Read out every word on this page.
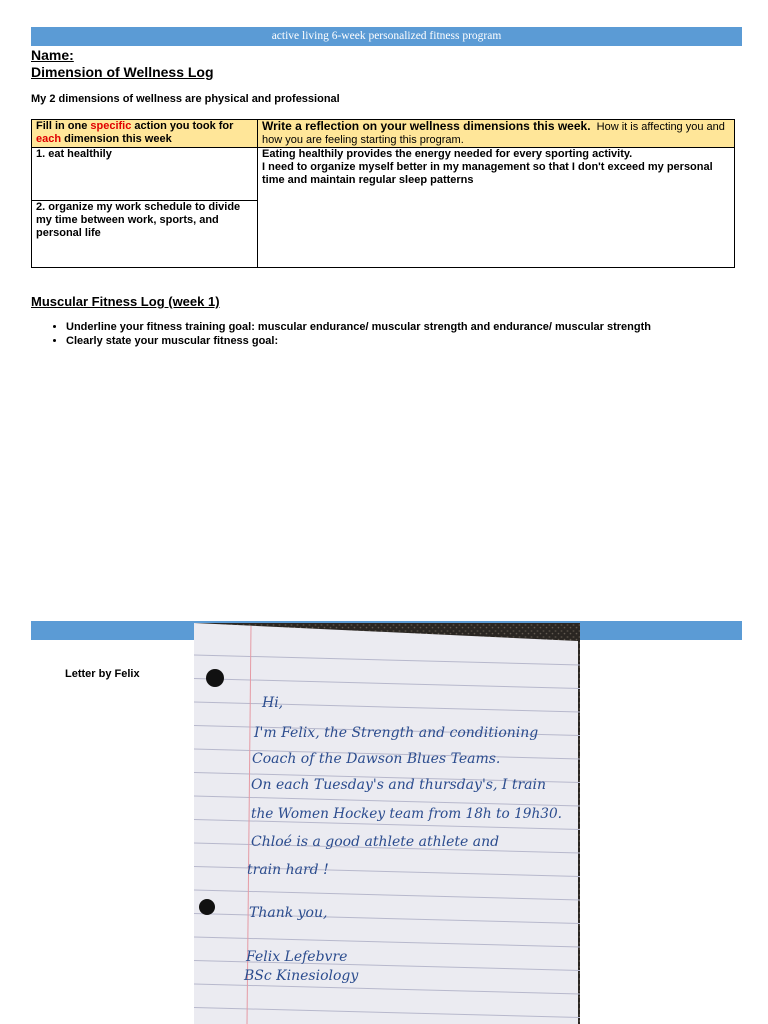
active living 6-week personalized fitness program
Name:
Dimension of Wellness Log
My 2 dimensions of wellness are physical and professional
Fill in one specific action you took for each dimension this week	Write a reflection on your wellness dimensions this week. How it is affecting you and how you are feeling starting this program.
1. eat healthily	Eating healthily provides the energy needed for every sporting activity.
I need to organize myself better in my management so that I don't exceed my personal time and maintain regular sleep patterns
2. organize my work schedule to divide my time between work, sports, and personal life	
Muscular Fitness Log (week 1)
• Underline your fitness training goal: muscular endurance/ muscular strength and endurance/ muscular strength
• Clearly state your muscular fitness goal:
Letter by Felix
Hi,
I'm Felix, the Strength and conditioning
Coach of the Dawson Blues Teams.
On each Tuesday's and thursday's, I train
the Women Hockey team from 18h to 19h30.
Chloé is a good athlete athlete and
train hard !
Thank you,
Felix Lefebvre
BSc Kinesiology
